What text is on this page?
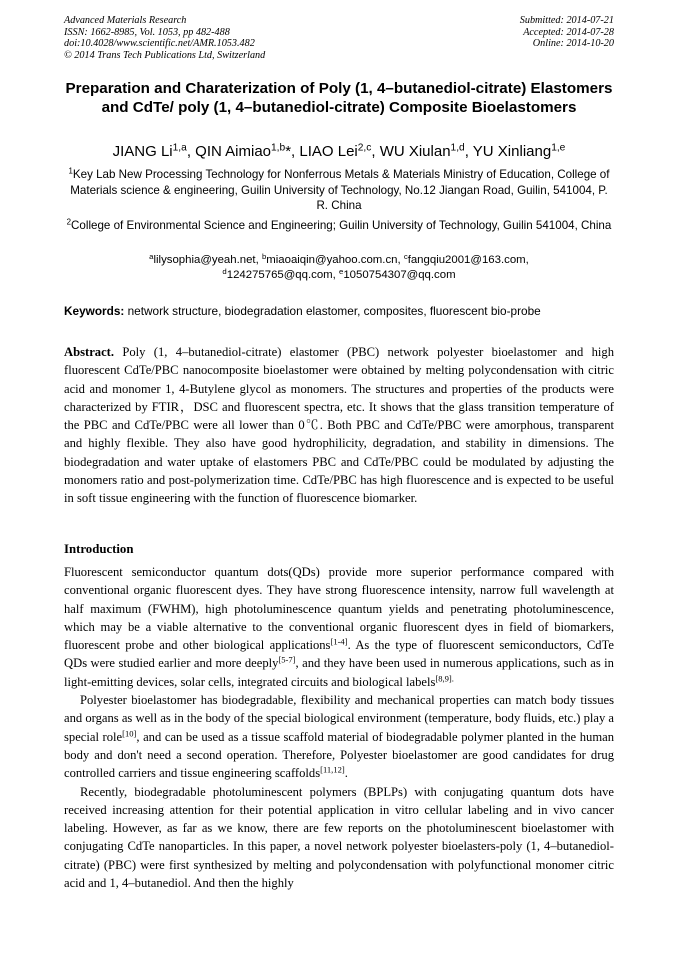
Advanced Materials Research
ISSN: 1662-8985, Vol. 1053, pp 482-488
doi:10.4028/www.scientific.net/AMR.1053.482
© 2014 Trans Tech Publications Ltd, Switzerland
Submitted: 2014-07-21
Accepted: 2014-07-28
Online: 2014-10-20
Preparation and Charaterization of Poly (1, 4–butanediol-citrate) Elastomers and CdTe/ poly (1, 4–butanediol-citrate) Composite Bioelastomers
JIANG Li$^{1,a}$, QIN Aimiao$^{1,b}$*, LIAO Lei$^{2,c}$, WU Xiulan$^{1,d}$, YU Xinliang$^{1,e}$
$^1$Key Lab New Processing Technology for Nonferrous Metals & Materials Ministry of Education, College of Materials science & engineering, Guilin University of Technology, No.12 Jiangan Road, Guilin, 541004, P. R. China
$^2$College of Environmental Science and Engineering; Guilin University of Technology, Guilin 541004, China
$^a$lilysophia@yeah.net, $^b$miaoaiqin@yahoo.com.cn, $^c$fangqiu2001@163.com,
$^d$124275765@qq.com, $^e$1050754307@qq.com
Keywords: network structure, biodegradation elastomer, composites, fluorescent bio-probe
Abstract. Poly (1, 4–butanediol-citrate) elastomer (PBC) network polyester bioelastomer and high fluorescent CdTe/PBC nanocomposite bioelastomer were obtained by melting polycondensation with citric acid and monomer 1, 4-Butylene glycol as monomers. The structures and properties of the products were characterized by FTIR，DSC and fluorescent spectra, etc. It shows that the glass transition temperature of the PBC and CdTe/PBC were all lower than 0℃. Both PBC and CdTe/PBC were amorphous, transparent and highly flexible. They also have good hydrophilicity, degradation, and stability in dimensions. The biodegradation and water uptake of elastomers PBC and CdTe/PBC could be modulated by adjusting the monomers ratio and post-polymerization time. CdTe/PBC has high fluorescence and is expected to be useful in soft tissue engineering with the function of fluorescence biomarker.
Introduction

Fluorescent semiconductor quantum dots(QDs) provide more superior performance compared with conventional organic fluorescent dyes. They have strong fluorescence intensity, narrow full wavelength at half maximum (FWHM), high photoluminescence quantum yields and penetrating photoluminescence, which may be a viable alternative to the conventional organic fluorescent dyes in field of biomarkers, fluorescent probe and other biological applications[1-4]. As the type of fluorescent semiconductors, CdTe QDs were studied earlier and more deeply[5-7], and they have been used in numerous applications, such as in light-emitting devices, solar cells, integrated circuits and biological labels$^{[8,9].}$

Polyester bioelastomer has biodegradable, flexibility and mechanical properties can match body tissues and organs as well as in the body of the special biological environment (temperature, body fluids, etc.) play a special role[10], and can be used as a tissue scaffold material of biodegradable polymer planted in the human body and don't need a second operation. Therefore, Polyester bioelastomer are good candidates for drug controlled carriers and tissue engineering scaffolds[11,12].

Recently, biodegradable photoluminescent polymers (BPLPs) with conjugating quantum dots have received increasing attention for their potential application in vitro cellular labeling and in vivo cancer labeling. However, as far as we know, there are few reports on the photoluminescent bioelastomer with conjugating CdTe nanoparticles. In this paper, a novel network polyester bioelasters-poly (1, 4–butanediol-citrate) (PBC) were first synthesized by melting and polycondensation with polyfunctional monomer citric acid and 1, 4–butanediol. And then the highly
